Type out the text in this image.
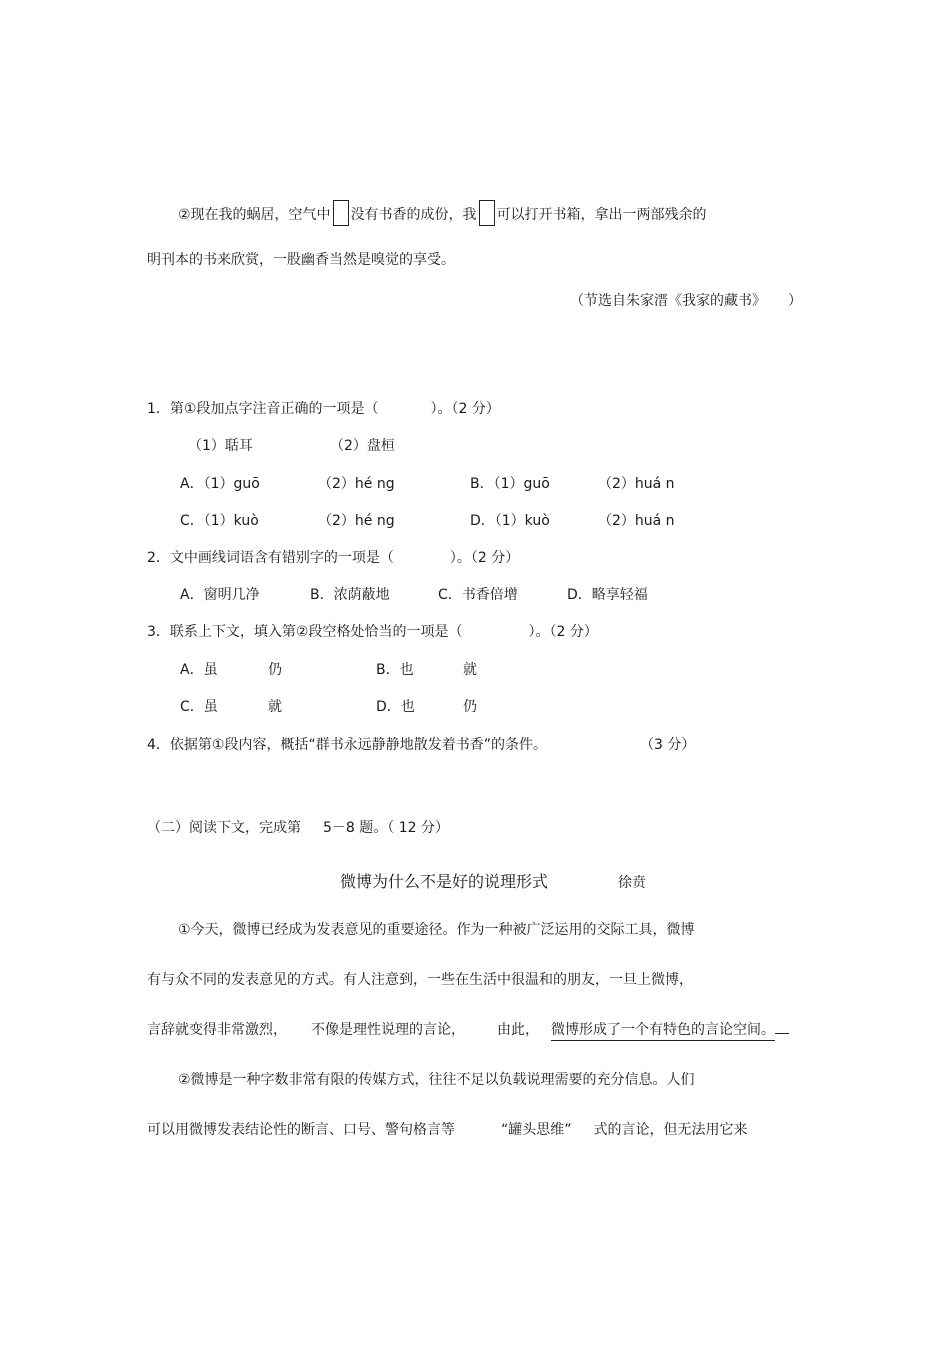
②现在我的蜗居，空气中 没有书香的成份，我 可以打开书箱，拿出一两部残余的
明刊本的书来欣赏，一股幽香当然是嗅觉的享受。
（节选自朱家溍《我家的藏书》 ）
1．第①段加点字注音正确的一项是（	）。（2 分）
（1）聒耳	（2）盘桓
A．（1）guō	（2）hé ng	B．（1）guō	（2）huá n
C．（1）kuò	（2）hé ng	D．（1）kuò	（2）huá n
2．文中画线词语含有错别字的一项是（	）。（2 分）
A．窗明几净	B．浓荫蔽地	C．书香倍增	D．略享轻福
3．联系上下文，填入第②段空格处恰当的一项是（	）。（2 分）
A．虽	仍	B．也	就
C．虽	就	D．也	仍
4．依据第①段内容，概括“群书永远静静地散发着书香”的条件。	（3 分）
（二）阅读下文，完成第 5－8 题。（ 12 分）
微博为什么不是好的说理形式	徐贲
①今天，微博已经成为发表意见的重要途径。作为一种被广泛运用的交际工具，微博
有与众不同的发表意见的方式。有人注意到，一些在生活中很温和的朋友，一旦上微博，
言辞就变得非常激烈， 不像是理性说理的言论， 由此， 微博形成了一个有特色的言论空间。
②微博是一种字数非常有限的传媒方式，往往不足以负载说理需要的充分信息。人们
可以用微博发表结论性的断言、口号、警句格言等	“罐头思维” 式的言论，但无法用它来
